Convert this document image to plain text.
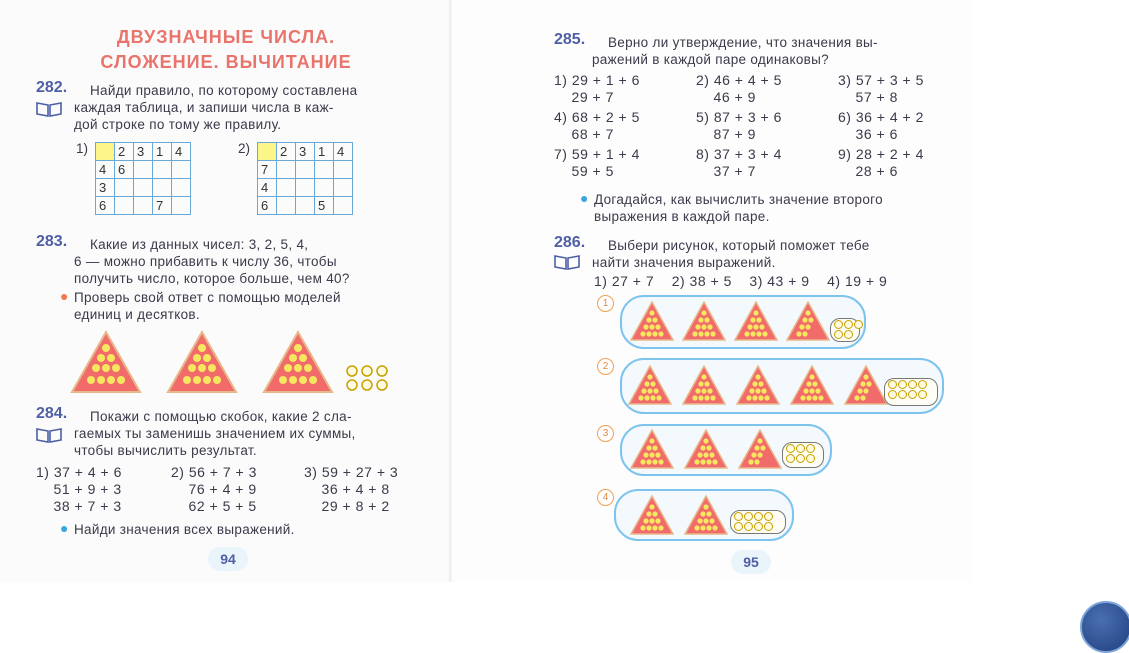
ДВУЗНАЧНЫЕ ЧИСЛА.
СЛОЖЕНИЕ. ВЫЧИТАНИЕ
282. Найди правило, по которому составлена
каждая таблица, и запиши числа в каж-
дой строке по тому же правилу.
1)
	2	3	1	4
4	6			
3				
6			7	
2)
	2	3	1	4
7				
4				
6			5	
283. Какие из данных чисел: 3, 2, 5, 4,
6 — можно прибавить к числу 36, чтобы
получить число, которое больше, чем 40?
● Проверь свой ответ с помощью моделей
единиц и десятков.
284. Покажи с помощью скобок, какие 2 сла-
гаемых ты заменишь значением их суммы,
чтобы вычислить результат.
1) 37 + 4 + 6
51 + 9 + 3
38 + 7 + 3
2) 56 + 7 + 3
76 + 4 + 9
62 + 5 + 5
3) 59 + 27 + 3
36 + 4 + 8
29 + 8 + 2
● Найди значения всех выражений.
94
285. Верно ли утверждение, что значения вы-
ражений в каждой паре одинаковы?
1) 29 + 1 + 6
29 + 7
2) 46 + 4 + 5
46 + 9
3) 57 + 3 + 5
57 + 8
4) 68 + 2 + 5
68 + 7
5) 87 + 3 + 6
87 + 9
6) 36 + 4 + 2
36 + 6
7) 59 + 1 + 4
59 + 5
8) 37 + 3 + 4
37 + 7
9) 28 + 2 + 4
28 + 6
● Догадайся, как вычислить значение второго
выражения в каждой паре.
286. Выбери рисунок, который поможет тебе
найти значения выражений.
1) 27 + 7    2) 38 + 5    3) 43 + 9    4) 19 + 9
1
2
3
4
95
